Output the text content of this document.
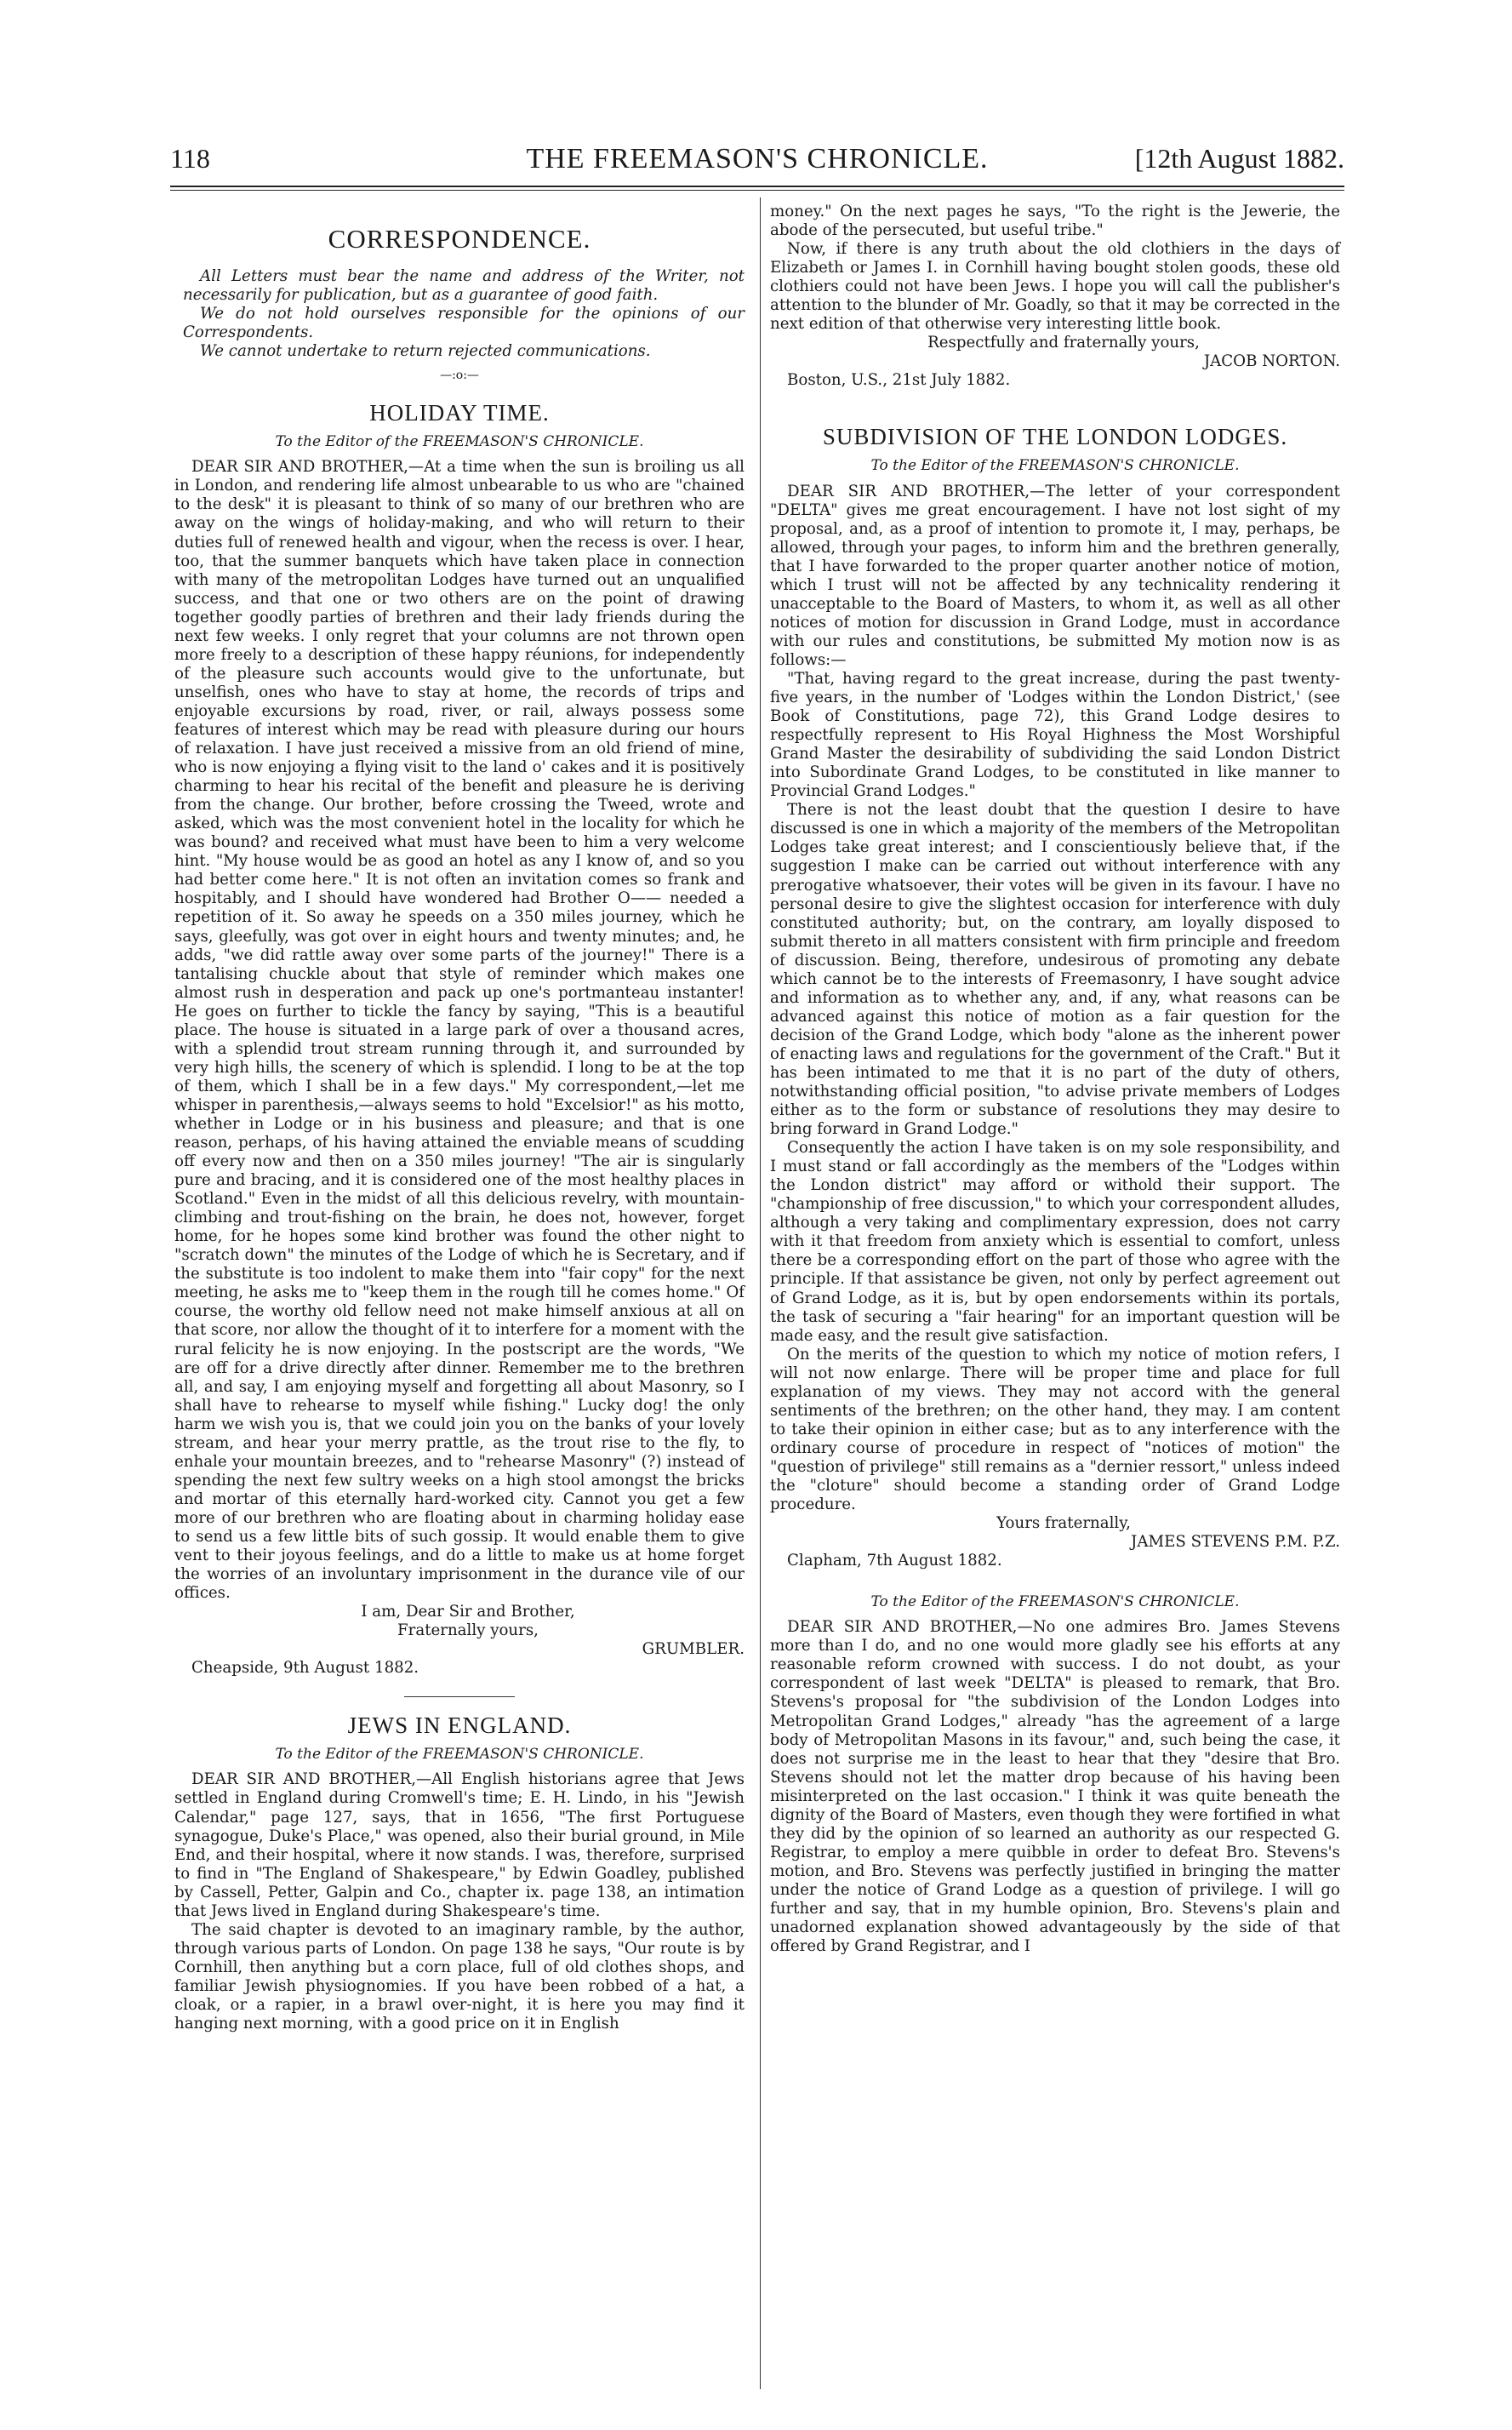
118	THE FREEMASON'S CHRONICLE.	[12th August 1882.
CORRESPONDENCE.

All Letters must bear the name and address of the Writer, not necessarily for publication, but as a guarantee of good faith.

We do not hold ourselves responsible for the opinions of our Correspondents.

We cannot undertake to return rejected communications.

—:o:—
HOLIDAY TIME.
To the Editor of the FREEMASON'S CHRONICLE.

DEAR SIR AND BROTHER,—At a time when the sun is broiling us all in London, and rendering life almost unbearable to us who are "chained to the desk" it is pleasant to think of so many of our brethren who are away on the wings of holiday-making, and who will return to their duties full of renewed health and vigour, when the recess is over. I hear, too, that the summer banquets which have taken place in connection with many of the metropolitan Lodges have turned out an unqualified success, and that one or two others are on the point of drawing together goodly parties of brethren and their lady friends during the next few weeks. I only regret that your columns are not thrown open more freely to a description of these happy réunions, for independently of the pleasure such accounts would give to the unfortunate, but unselfish, ones who have to stay at home, the records of trips and enjoyable excursions by road, river, or rail, always possess some features of interest which may be read with pleasure during our hours of relaxation. I have just received a missive from an old friend of mine, who is now enjoying a flying visit to the land o' cakes and it is positively charming to hear his recital of the benefit and pleasure he is deriving from the change. Our brother, before crossing the Tweed, wrote and asked, which was the most convenient hotel in the locality for which he was bound? and received what must have been to him a very welcome hint. "My house would be as good an hotel as any I know of, and so you had better come here." It is not often an invitation comes so frank and hospitably, and I should have wondered had Brother O—— needed a repetition of it. So away he speeds on a 350 miles journey, which he says, gleefully, was got over in eight hours and twenty minutes; and, he adds, "we did rattle away over some parts of the journey!" There is a tantalising chuckle about that style of reminder which makes one almost rush in desperation and pack up one's portmanteau instanter! He goes on further to tickle the fancy by saying, "This is a beautiful place. The house is situated in a large park of over a thousand acres, with a splendid trout stream running through it, and surrounded by very high hills, the scenery of which is splendid. I long to be at the top of them, which I shall be in a few days." My correspondent,—let me whisper in parenthesis,—always seems to hold "Excelsior!" as his motto, whether in Lodge or in his business and pleasure; and that is one reason, perhaps, of his having attained the enviable means of scudding off every now and then on a 350 miles journey! "The air is singularly pure and bracing, and it is considered one of the most healthy places in Scotland." Even in the midst of all this delicious revelry, with mountain-climbing and trout-fishing on the brain, he does not, however, forget home, for he hopes some kind brother was found the other night to "scratch down" the minutes of the Lodge of which he is Secretary, and if the substitute is too indolent to make them into "fair copy" for the next meeting, he asks me to "keep them in the rough till he comes home." Of course, the worthy old fellow need not make himself anxious at all on that score, nor allow the thought of it to interfere for a moment with the rural felicity he is now enjoying. In the postscript are the words, "We are off for a drive directly after dinner. Remember me to the brethren all, and say, I am enjoying myself and forgetting all about Masonry, so I shall have to rehearse to myself while fishing." Lucky dog! the only harm we wish you is, that we could join you on the banks of your lovely stream, and hear your merry prattle, as the trout rise to the fly, to enhale your mountain breezes, and to "rehearse Masonry" (?) instead of spending the next few sultry weeks on a high stool amongst the bricks and mortar of this eternally hard-worked city. Cannot you get a few more of our brethren who are floating about in charming holiday ease to send us a few little bits of such gossip. It would enable them to give vent to their joyous feelings, and do a little to make us at home forget the worries of an involuntary imprisonment in the durance vile of our offices.

I am, Dear Sir and Brother,

Fraternally yours,

GRUMBLER.

Cheapside, 9th August 1882.

JEWS IN ENGLAND.
To the Editor of the FREEMASON'S CHRONICLE.

DEAR SIR AND BROTHER,—All English historians agree that Jews settled in England during Cromwell's time; E. H. Lindo, in his "Jewish Calendar," page 127, says, that in 1656, "The first Portuguese synagogue, Duke's Place," was opened, also their burial ground, in Mile End, and their hospital, where it now stands. I was, therefore, surprised to find in "The England of Shakespeare," by Edwin Goadley, published by Cassell, Petter, Galpin and Co., chapter ix. page 138, an intimation that Jews lived in England during Shakespeare's time.

The said chapter is devoted to an imaginary ramble, by the author, through various parts of London. On page 138 he says, "Our route is by Cornhill, then anything but a corn place, full of old clothes shops, and familiar Jewish physiognomies. If you have been robbed of a hat, a cloak, or a rapier, in a brawl over-night, it is here you may find it hanging next morning, with a good price on it in English

money." On the next pages he says, "To the right is the Jewerie, the abode of the persecuted, but useful tribe."

Now, if there is any truth about the old clothiers in the days of Elizabeth or James I. in Cornhill having bought stolen goods, these old clothiers could not have been Jews. I hope you will call the publisher's attention to the blunder of Mr. Goadly, so that it may be corrected in the next edition of that otherwise very interesting little book.

Respectfully and fraternally yours,

JACOB NORTON.

Boston, U.S., 21st July 1882.

SUBDIVISION OF THE LONDON LODGES.
To the Editor of the FREEMASON'S CHRONICLE.

DEAR SIR AND BROTHER,—The letter of your correspondent "DELTA" gives me great encouragement. I have not lost sight of my proposal, and, as a proof of intention to promote it, I may, perhaps, be allowed, through your pages, to inform him and the brethren generally, that I have forwarded to the proper quarter another notice of motion, which I trust will not be affected by any technicality rendering it unacceptable to the Board of Masters, to whom it, as well as all other notices of motion for discussion in Grand Lodge, must in accordance with our rules and constitutions, be submitted My motion now is as follows:—

"That, having regard to the great increase, during the past twenty-five years, in the number of 'Lodges within the London District,' (see Book of Constitutions, page 72), this Grand Lodge desires to respectfully represent to His Royal Highness the Most Worshipful Grand Master the desirability of subdividing the said London District into Subordinate Grand Lodges, to be constituted in like manner to Provincial Grand Lodges."

There is not the least doubt that the question I desire to have discussed is one in which a majority of the members of the Metropolitan Lodges take great interest; and I conscientiously believe that, if the suggestion I make can be carried out without interference with any prerogative whatsoever, their votes will be given in its favour. I have no personal desire to give the slightest occasion for interference with duly constituted authority; but, on the contrary, am loyally disposed to submit thereto in all matters consistent with firm principle and freedom of discussion. Being, therefore, undesirous of promoting any debate which cannot be to the interests of Freemasonry, I have sought advice and information as to whether any, and, if any, what reasons can be advanced against this notice of motion as a fair question for the decision of the Grand Lodge, which body "alone as the inherent power of enacting laws and regulations for the government of the Craft." But it has been intimated to me that it is no part of the duty of others, notwithstanding official position, "to advise private members of Lodges either as to the form or substance of resolutions they may desire to bring forward in Grand Lodge."

Consequently the action I have taken is on my sole responsibility, and I must stand or fall accordingly as the members of the "Lodges within the London district" may afford or withold their support. The "championship of free discussion," to which your correspondent alludes, although a very taking and complimentary expression, does not carry with it that freedom from anxiety which is essential to comfort, unless there be a corresponding effort on the part of those who agree with the principle. If that assistance be given, not only by perfect agreement out of Grand Lodge, as it is, but by open endorsements within its portals, the task of securing a "fair hearing" for an important question will be made easy, and the result give satisfaction.

On the merits of the question to which my notice of motion refers, I will not now enlarge. There will be proper time and place for full explanation of my views. They may not accord with the general sentiments of the brethren; on the other hand, they may. I am content to take their opinion in either case; but as to any interference with the ordinary course of procedure in respect of "notices of motion" the "question of privilege" still remains as a "dernier ressort," unless indeed the "cloture" should become a standing order of Grand Lodge procedure.

Yours fraternally,

JAMES STEVENS P.M. P.Z.

Clapham, 7th August 1882.

To the Editor of the FREEMASON'S CHRONICLE.

DEAR SIR AND BROTHER,—No one admires Bro. James Stevens more than I do, and no one would more gladly see his efforts at any reasonable reform crowned with success. I do not doubt, as your correspondent of last week "DELTA" is pleased to remark, that Bro. Stevens's proposal for "the subdivision of the London Lodges into Metropolitan Grand Lodges," already "has the agreement of a large body of Metropolitan Masons in its favour," and, such being the case, it does not surprise me in the least to hear that they "desire that Bro. Stevens should not let the matter drop because of his having been misinterpreted on the last occasion." I think it was quite beneath the dignity of the Board of Masters, even though they were fortified in what they did by the opinion of so learned an authority as our respected G. Registrar, to employ a mere quibble in order to defeat Bro. Stevens's motion, and Bro. Stevens was perfectly justified in bringing the matter under the notice of Grand Lodge as a question of privilege. I will go further and say, that in my humble opinion, Bro. Stevens's plain and unadorned explanation showed advantageously by the side of that offered by Grand Registrar, and I
